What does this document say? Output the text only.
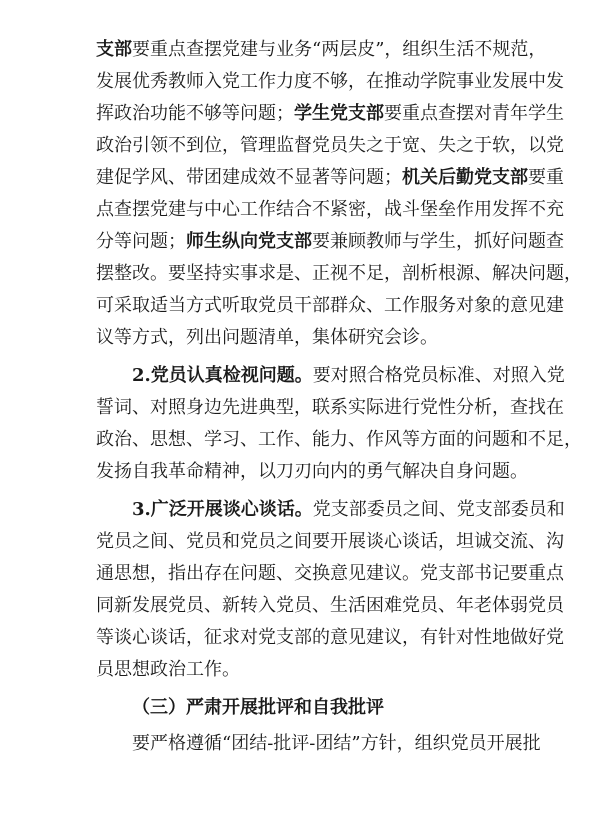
支部要重点查摆党建与业务“两层皮”，组织生活不规范，
发展优秀教师入党工作力度不够，在推动学院事业发展中发
挥政治功能不够等问题；学生党支部要重点查摆对青年学生
政治引领不到位，管理监督党员失之于宽、失之于软，以党
建促学风、带团建成效不显著等问题；机关后勤党支部要重
点查摆党建与中心工作结合不紧密，战斗堡垒作用发挥不充
分等问题；师生纵向党支部要兼顾教师与学生，抓好问题查
摆整改。要坚持实事求是、正视不足，剖析根源、解决问题，
可采取适当方式听取党员干部群众、工作服务对象的意见建
议等方式，列出问题清单，集体研究会诊。
2.党员认真检视问题。要对照合格党员标准、对照入党
誓词、对照身边先进典型，联系实际进行党性分析，查找在
政治、思想、学习、工作、能力、作风等方面的问题和不足，
发扬自我革命精神，以刀刃向内的勇气解决自身问题。
3.广泛开展谈心谈话。党支部委员之间、党支部委员和
党员之间、党员和党员之间要开展谈心谈话，坦诚交流、沟
通思想，指出存在问题、交换意见建议。党支部书记要重点
同新发展党员、新转入党员、生活困难党员、年老体弱党员
等谈心谈话，征求对党支部的意见建议，有针对性地做好党
员思想政治工作。
（三）严肃开展批评和自我批评
要严格遵循“团结-批评-团结”方针，组织党员开展批
